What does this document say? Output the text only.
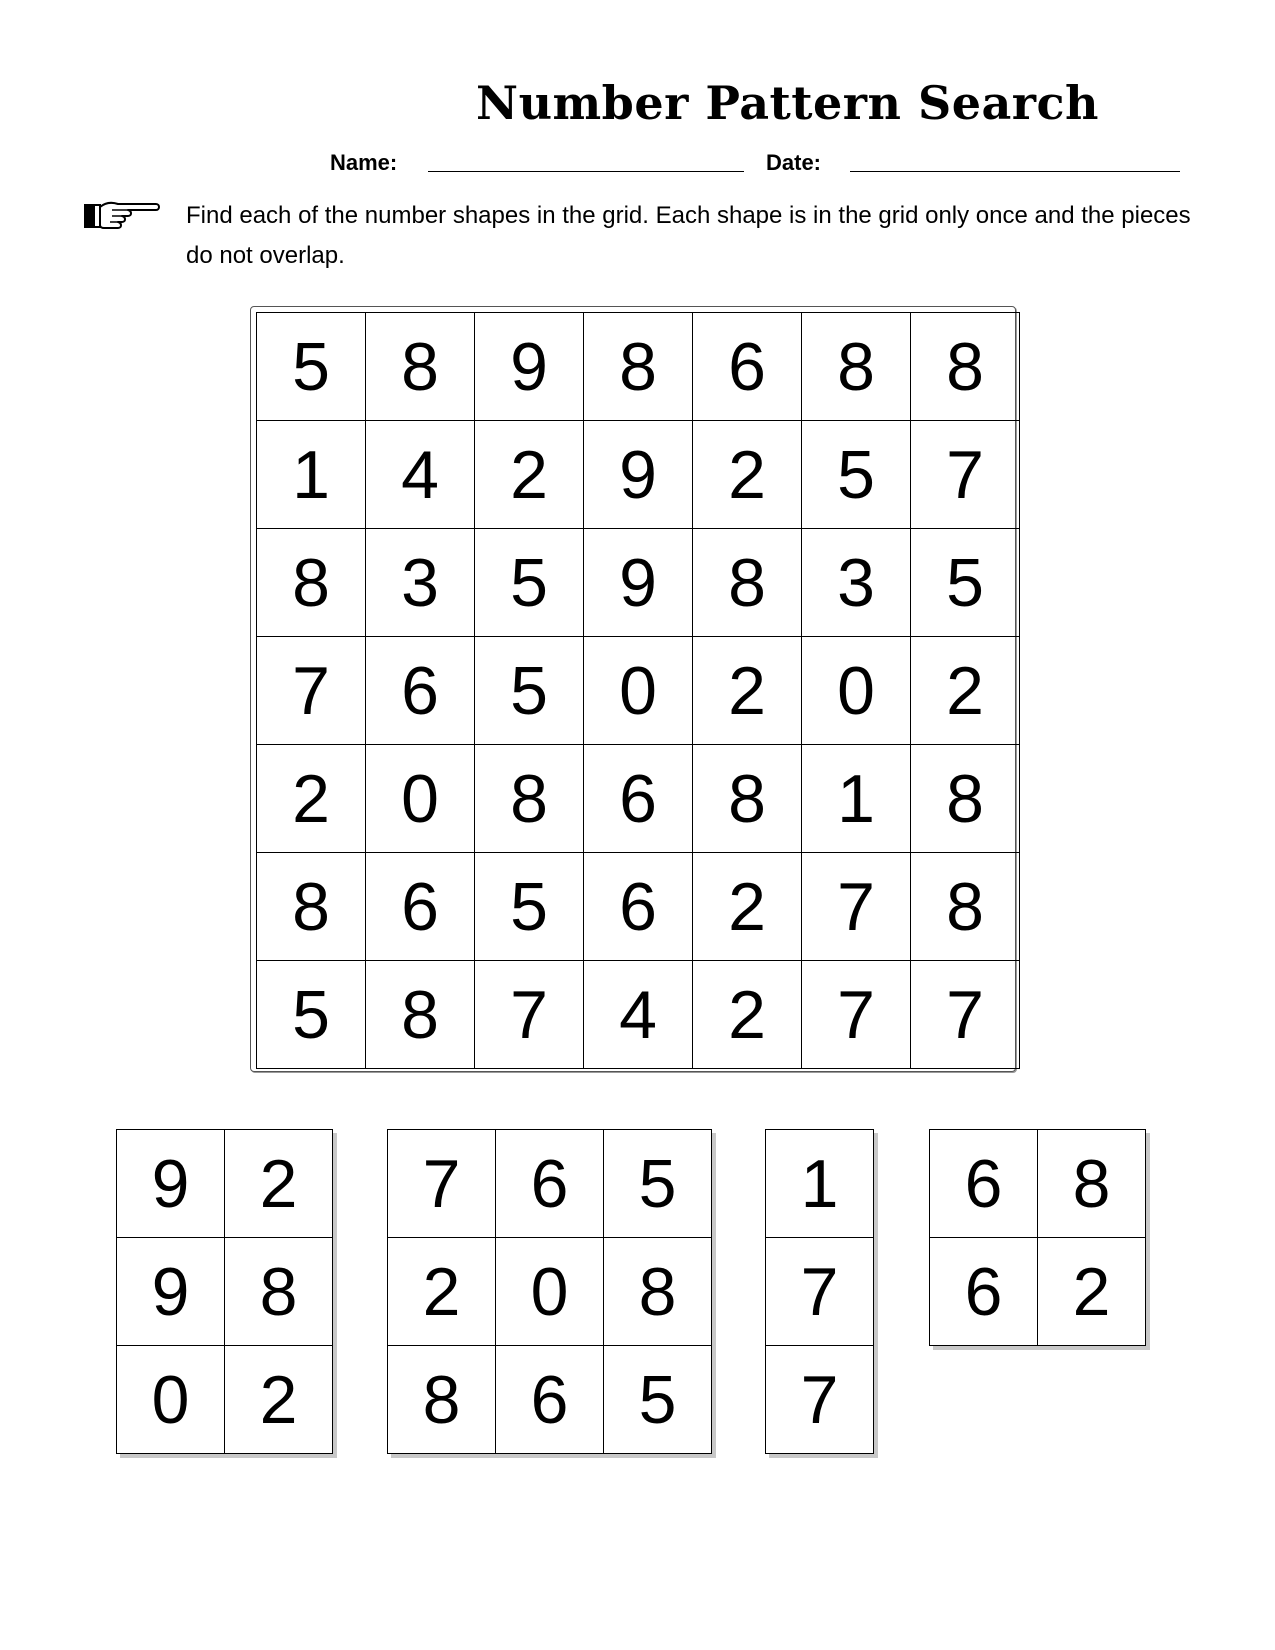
Number Pattern Search
Name:	Date:
Find each of the number shapes in the grid. Each shape is in the grid only once and the pieces do not overlap.
5	8	9	8	6	8	8
1	4	2	9	2	5	7
8	3	5	9	8	3	5
7	6	5	0	2	0	2
2	0	8	6	8	1	8
8	6	5	6	2	7	8
5	8	7	4	2	7	7
9	2
9	8
0	2
7	6	5
2	0	8
8	6	5
1
7
7
6	8
6	2
